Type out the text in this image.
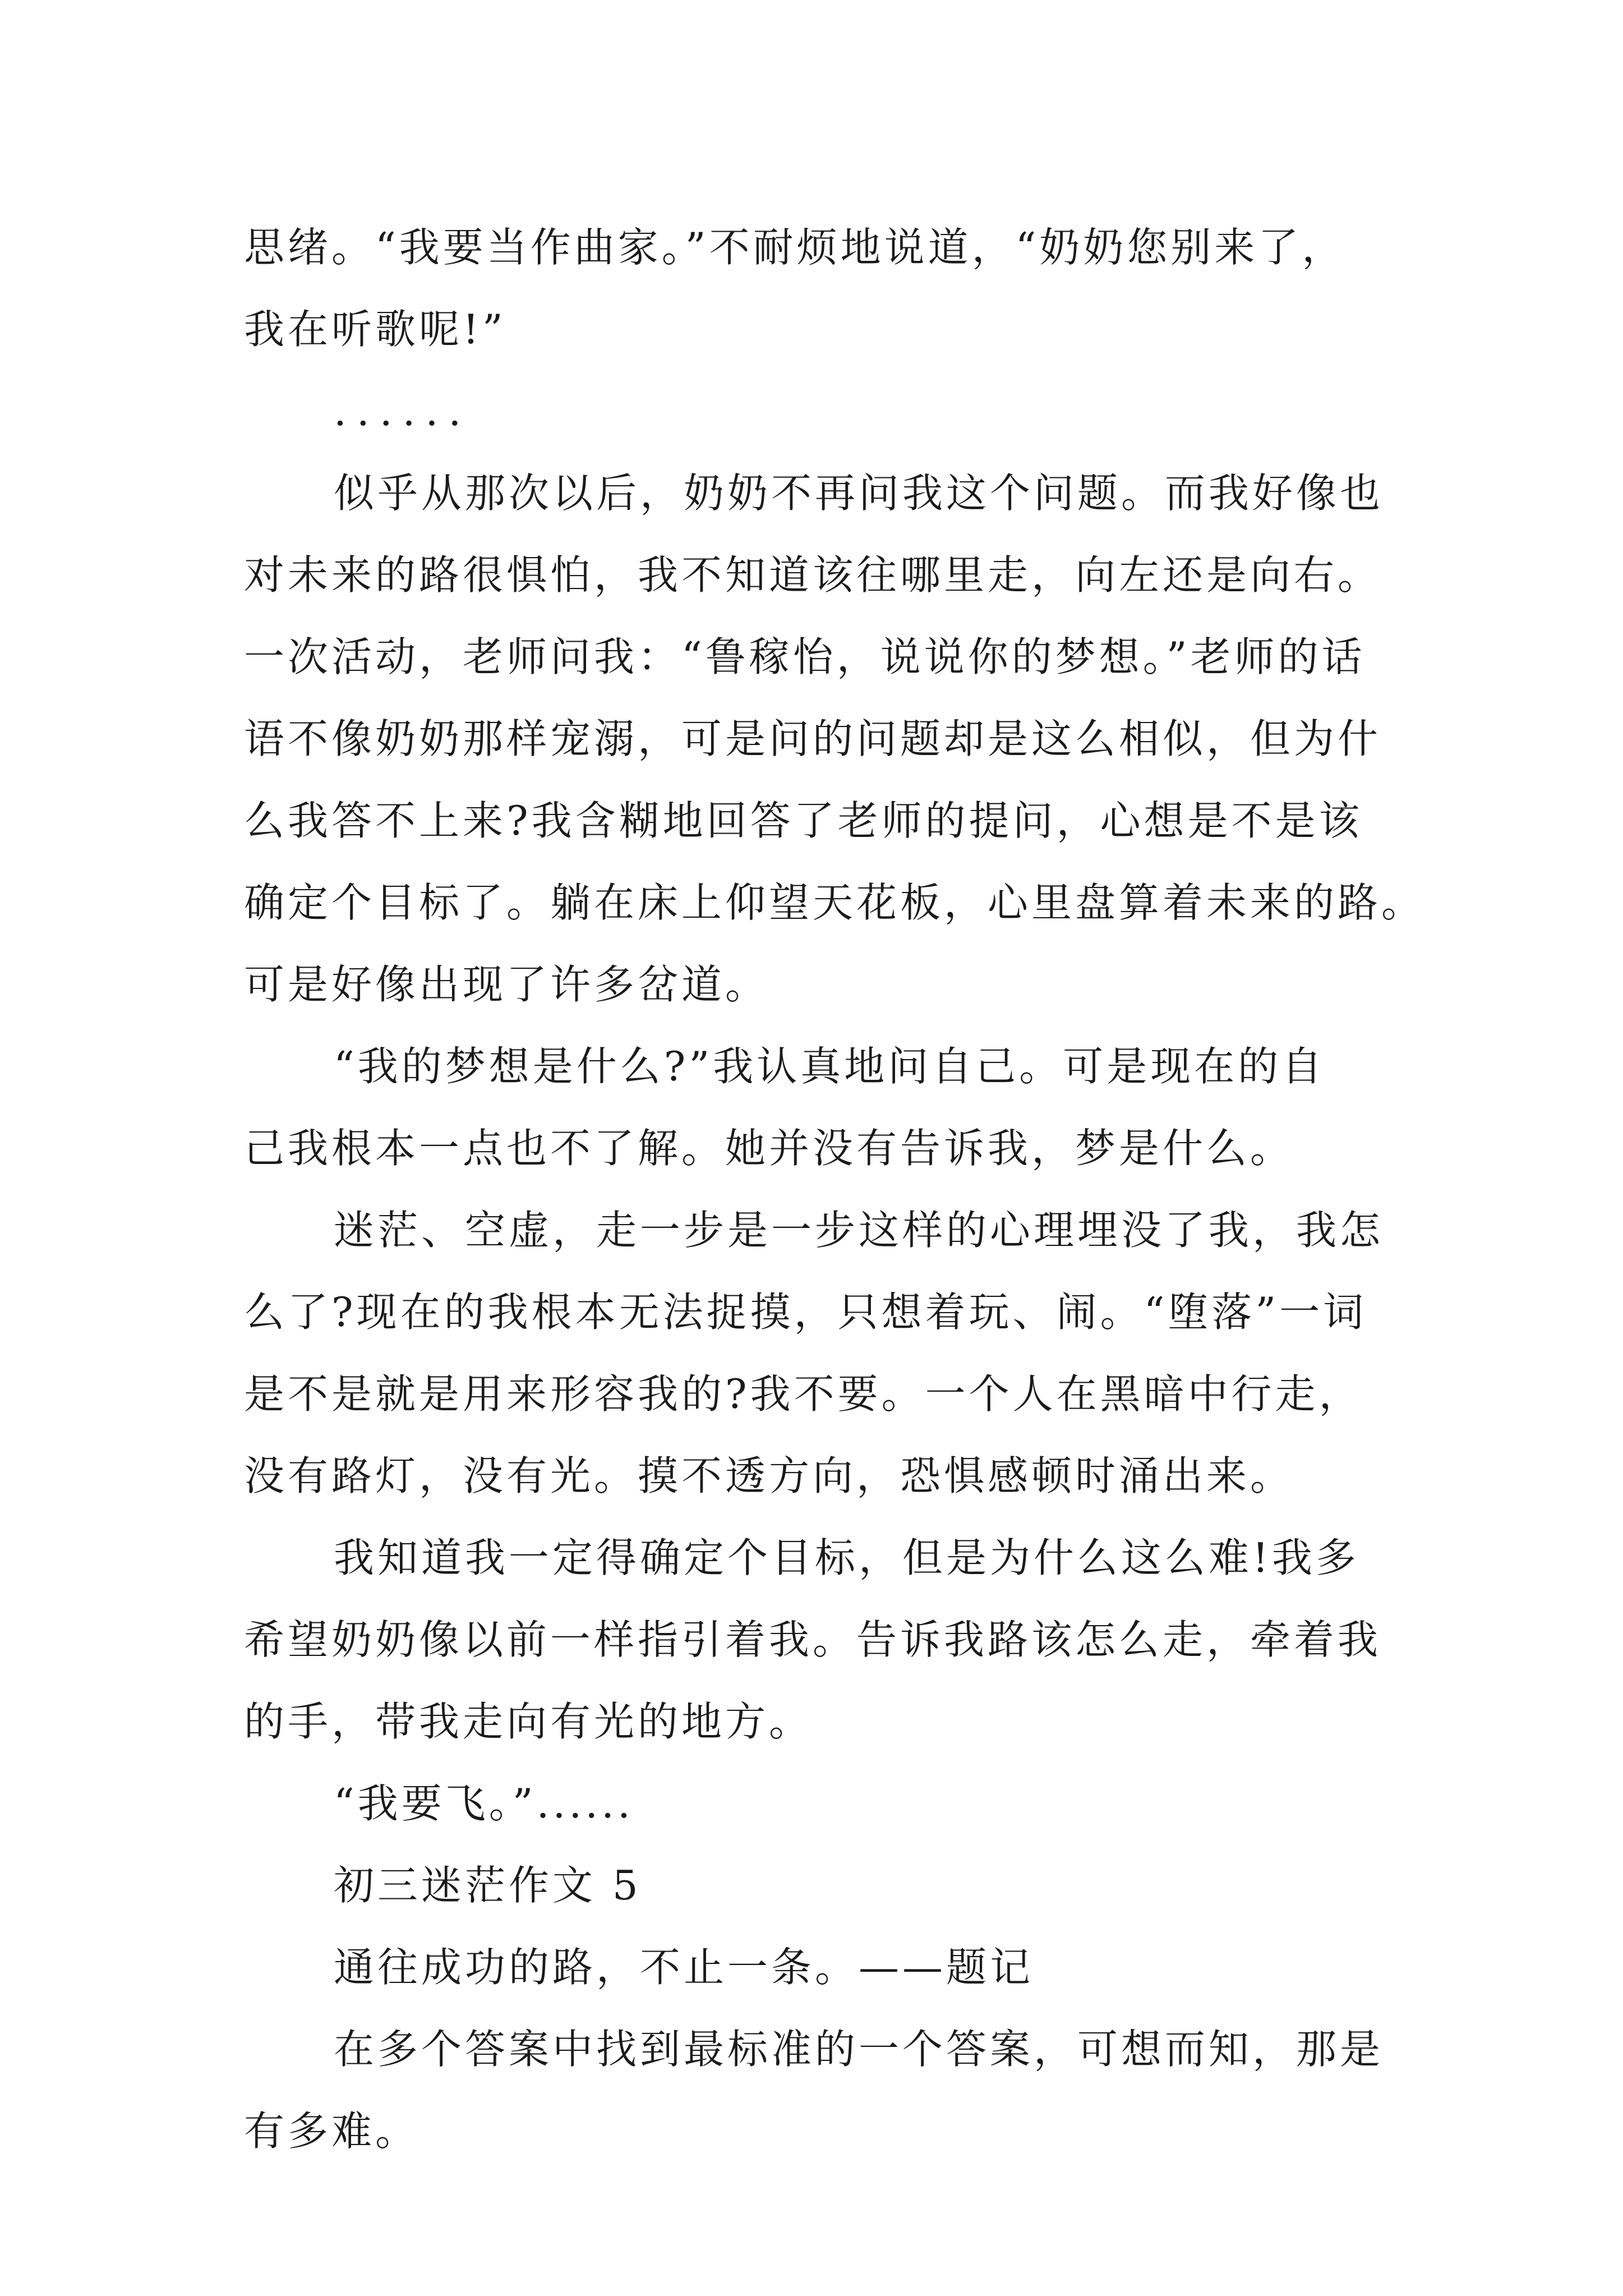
思绪。“我要当作曲家。”不耐烦地说道，“奶奶您别来了，
我在听歌呢!”
......
似乎从那次以后，奶奶不再问我这个问题。而我好像也
对未来的路很惧怕，我不知道该往哪里走，向左还是向右。
一次活动，老师问我：“鲁稼怡，说说你的梦想。”老师的话
语不像奶奶那样宠溺，可是问的问题却是这么相似，但为什
么我答不上来?我含糊地回答了老师的提问，心想是不是该
确定个目标了。躺在床上仰望天花板，心里盘算着未来的路。
可是好像出现了许多岔道。
“我的梦想是什么?”我认真地问自己。可是现在的自
己我根本一点也不了解。她并没有告诉我，梦是什么。
迷茫、空虚，走一步是一步这样的心理埋没了我，我怎
么了?现在的我根本无法捉摸，只想着玩、闹。“堕落”一词
是不是就是用来形容我的?我不要。一个人在黑暗中行走，
没有路灯，没有光。摸不透方向，恐惧感顿时涌出来。
我知道我一定得确定个目标，但是为什么这么难!我多
希望奶奶像以前一样指引着我。告诉我路该怎么走，牵着我
的手，带我走向有光的地方。
“我要飞。”......
初三迷茫作文 5
通往成功的路，不止一条。——题记
在多个答案中找到最标准的一个答案，可想而知，那是
有多难。
